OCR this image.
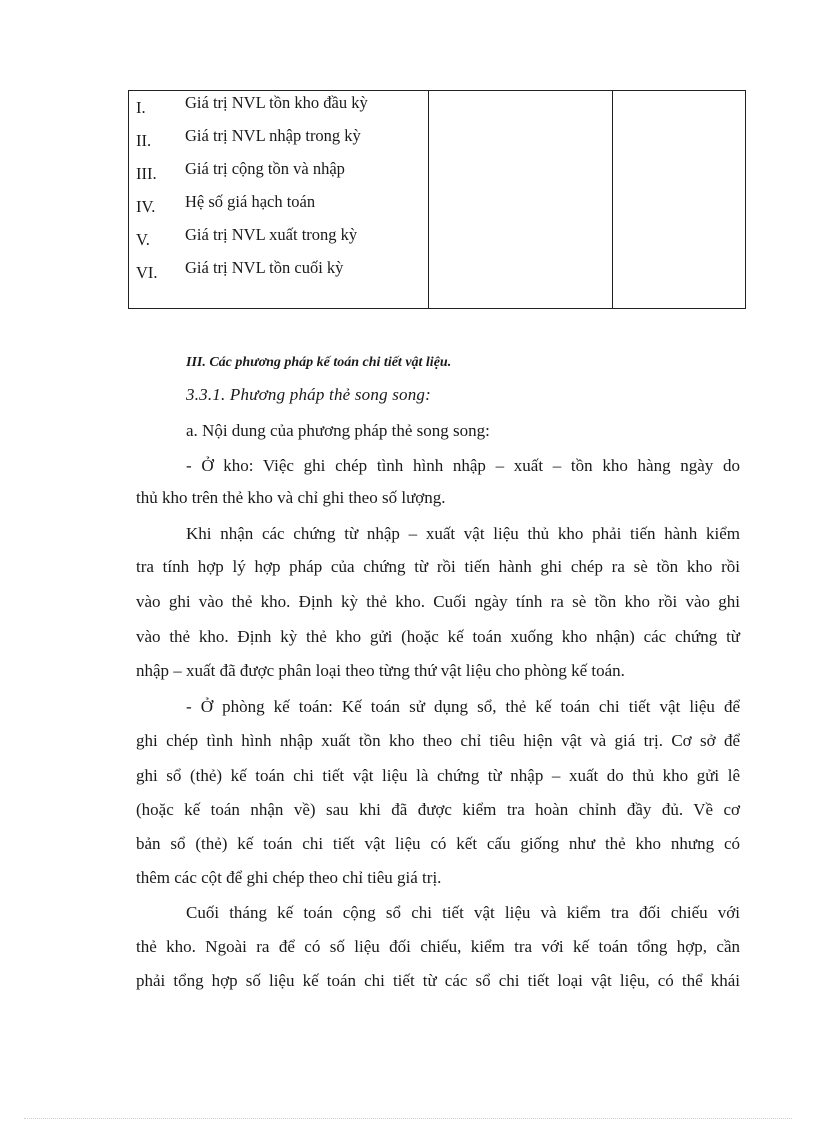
I. Giá trị NVL tồn kho đầu kỳ
II. Giá trị NVL nhập trong kỳ
III. Giá trị cộng tồn và nhập
IV. Hệ số giá hạch toán
V. Giá trị NVL xuất trong kỳ
VI. Giá trị NVL tồn cuối kỳ
III. Các phương pháp kế toán chi tiết vật liệu.
3.3.1. Phương pháp thẻ song song:
a. Nội dung của phương pháp thẻ song song:
- Ở kho: Việc ghi chép tình hình nhập – xuất – tồn kho hàng ngày do
thủ kho trên thẻ kho và chỉ ghi theo số lượng.
Khi nhận các chứng từ nhập – xuất vật liệu thủ kho phải tiến hành kiểm
tra tính hợp lý hợp pháp của chứng từ rồi tiến hành ghi chép ra sè tồn kho rồi
vào ghi vào thẻ kho. Định kỳ thẻ kho. Cuối ngày tính ra sè tồn kho rồi vào ghi
vào thẻ kho. Định kỳ thẻ kho gửi (hoặc kế toán xuống kho nhận) các chứng từ
nhập – xuất đã được phân loại theo từng thứ vật liệu cho phòng kế toán.
- Ở phòng kế toán: Kế toán sử dụng sổ, thẻ kế toán chi tiết vật liệu để
ghi chép tình hình nhập xuất tồn kho theo chỉ tiêu hiện vật và giá trị. Cơ sở để
ghi sổ (thẻ) kế toán chi tiết vật liệu là chứng từ nhập – xuất do thủ kho gửi lê
(hoặc kế toán nhận về) sau khi đã được kiểm tra hoàn chỉnh đầy đủ. Về cơ
bản sổ (thẻ) kế toán chi tiết vật liệu có kết cấu giống như thẻ kho nhưng có
thêm các cột để ghi chép theo chỉ tiêu giá trị.
Cuối tháng kế toán cộng sổ chi tiết vật liệu và kiểm tra đối chiếu với
thẻ kho. Ngoài ra để có số liệu đối chiếu, kiểm tra với kế toán tổng hợp, cần
phải tổng hợp số liệu kế toán chi tiết từ các sổ chi tiết loại vật liệu, có thể khái
